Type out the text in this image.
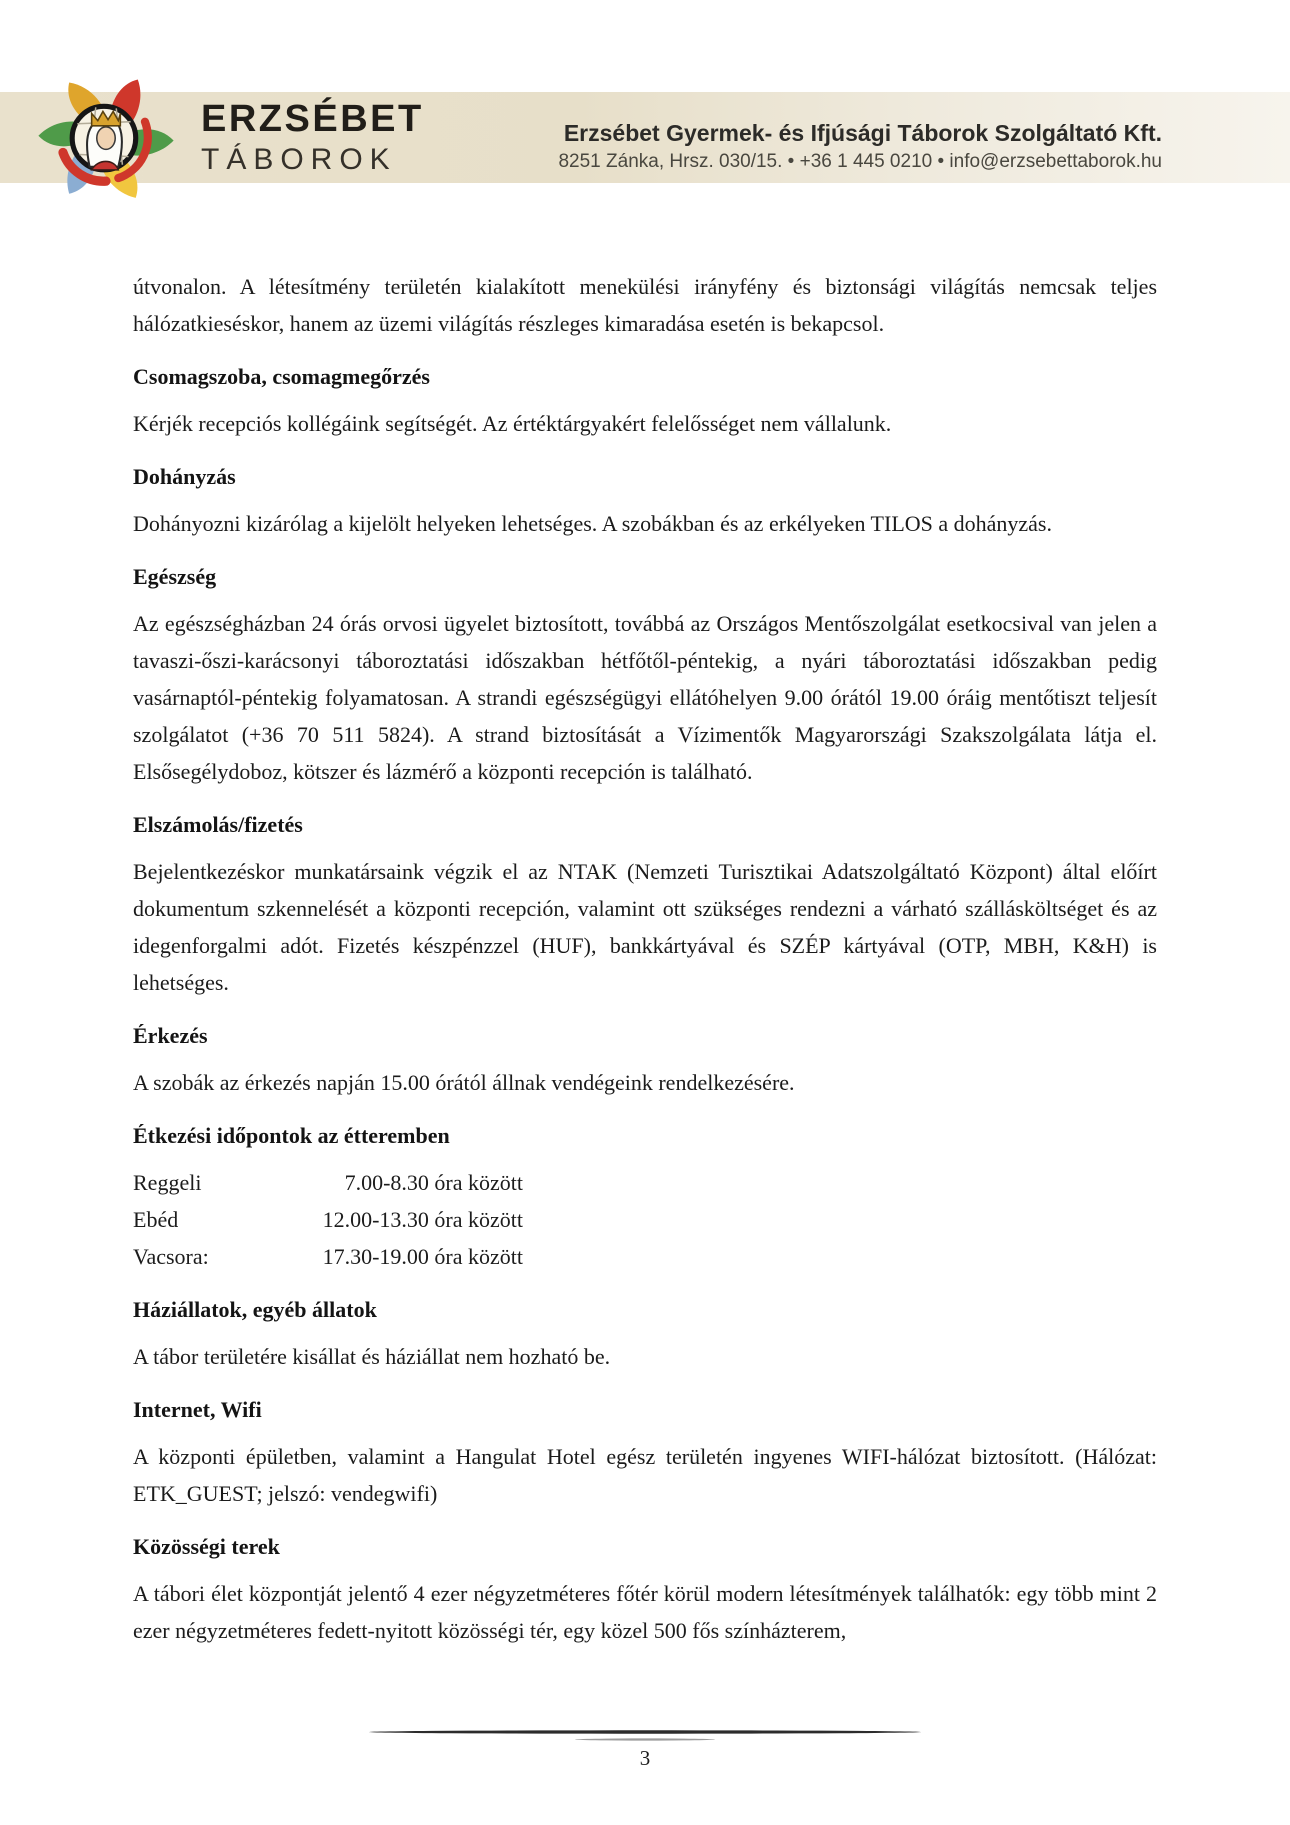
ERZSÉBET
TÁBOROK
Erzsébet Gyermek- és Ifjúsági Táborok Szolgáltató Kft.
8251 Zánka, Hrsz. 030/15. • +36 1 445 0210 • info@erzsebettaborok.hu

útvonalon. A létesítmény területén kialakított menekülési irányfény és biztonsági világítás nemcsak teljes hálózatkieséskor, hanem az üzemi világítás részleges kimaradása esetén is bekapcsol.

Csomagszoba, csomagmegőrzés

Kérjék recepciós kollégáink segítségét. Az értéktárgyakért felelősséget nem vállalunk.

Dohányzás

Dohányozni kizárólag a kijelölt helyeken lehetséges. A szobákban és az erkélyeken TILOS a dohányzás.

Egészség

Az egészségházban 24 órás orvosi ügyelet biztosított, továbbá az Országos Mentőszolgálat esetkocsival van jelen a tavaszi-őszi-karácsonyi táboroztatási időszakban hétfőtől-péntekig, a nyári táboroztatási időszakban pedig vasárnaptól-péntekig folyamatosan. A strandi egészségügyi ellátóhelyen 9.00 órától 19.00 óráig mentőtiszt teljesít szolgálatot (+36 70 511 5824). A strand biztosítását a Vízimentők Magyarországi Szakszolgálata látja el. Elsősegélydoboz, kötszer és lázmérő a központi recepción is található.

Elszámolás/fizetés

Bejelentkezéskor munkatársaink végzik el az NTAK (Nemzeti Turisztikai Adatszolgáltató Központ) által előírt dokumentum szkennelését a központi recepción, valamint ott szükséges rendezni a várható szállásköltséget és az idegenforgalmi adót. Fizetés készpénzzel (HUF), bankkártyával és SZÉP kártyával (OTP, MBH, K&H) is lehetséges.

Érkezés

A szobák az érkezés napján 15.00 órától állnak vendégeink rendelkezésére.

Étkezési időpontok az étteremben
Reggeli	7.00-8.30 óra között
Ebéd	12.00-13.30 óra között
Vacsora:	17.30-19.00 óra között
Háziállatok, egyéb állatok

A tábor területére kisállat és háziállat nem hozható be.

Internet, Wifi

A központi épületben, valamint a Hangulat Hotel egész területén ingyenes WIFI-hálózat biztosított. (Hálózat: ETK_GUEST; jelszó: vendegwifi)

Közösségi terek

A tábori élet központját jelentő 4 ezer négyzetméteres főtér körül modern létesítmények találhatók: egy több mint 2 ezer négyzetméteres fedett-nyitott közösségi tér, egy közel 500 fős színházterem,

3
